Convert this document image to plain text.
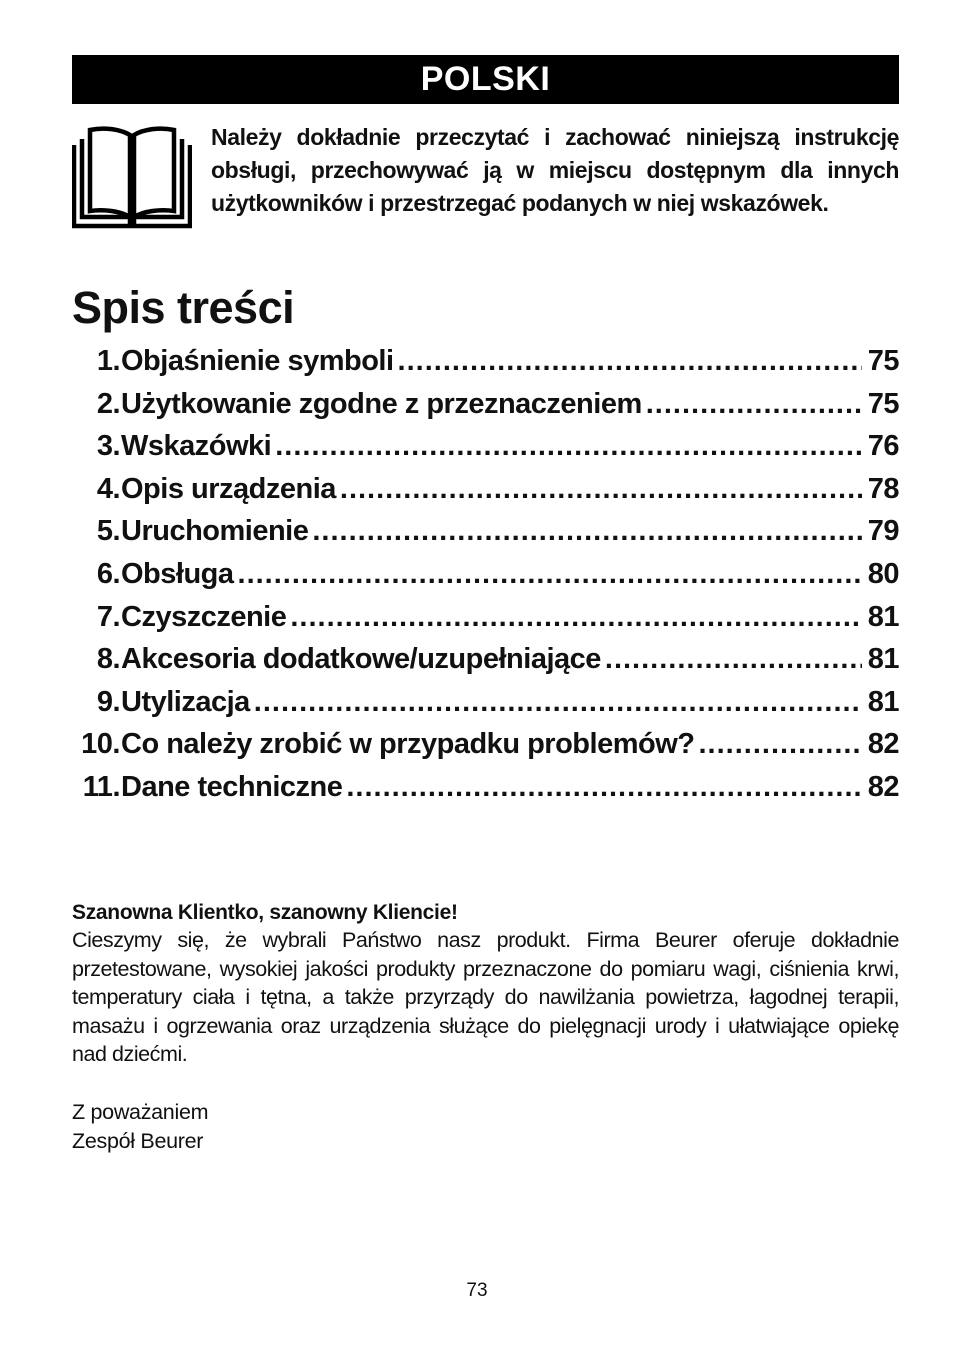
POLSKI

Należy dokładnie przeczytać i zachować niniejszą instrukcję obsługi, przechowywać ją w miejscu dostępnym dla innych użytkowników i przestrzegać podanych w niej wskazówek.

Spis treści
1. Objaśnienie symboli .....	75
2. Użytkowanie zgodne z przeznaczeniem .....	75
3. Wskazówki .....	76
4. Opis urządzenia .....	78
5. Uruchomienie .....	79
6. Obsługa .....	80
7. Czyszczenie .....	81
8. Akcesoria dodatkowe/uzupełniające .....	81
9. Utylizacja .....	81
10. Co należy zrobić w przypadku problemów? .....	82
11. Dane techniczne .....	82

Szanowna Klientko, szanowny Kliencie!

Cieszymy się, że wybrali Państwo nasz produkt. Firma Beurer oferuje dokładnie przetestowane, wysokiej jakości produkty przeznaczone do pomiaru wagi, ciśnienia krwi, temperatury ciała i tętna, a także przyrządy do nawilżania powietrza, łagodnej terapii, masażu i ogrzewania oraz urządzenia służące do pielęgnacji urody i ułatwiające opiekę nad dziećmi.

Z poważaniem
Zespół Beurer

73
